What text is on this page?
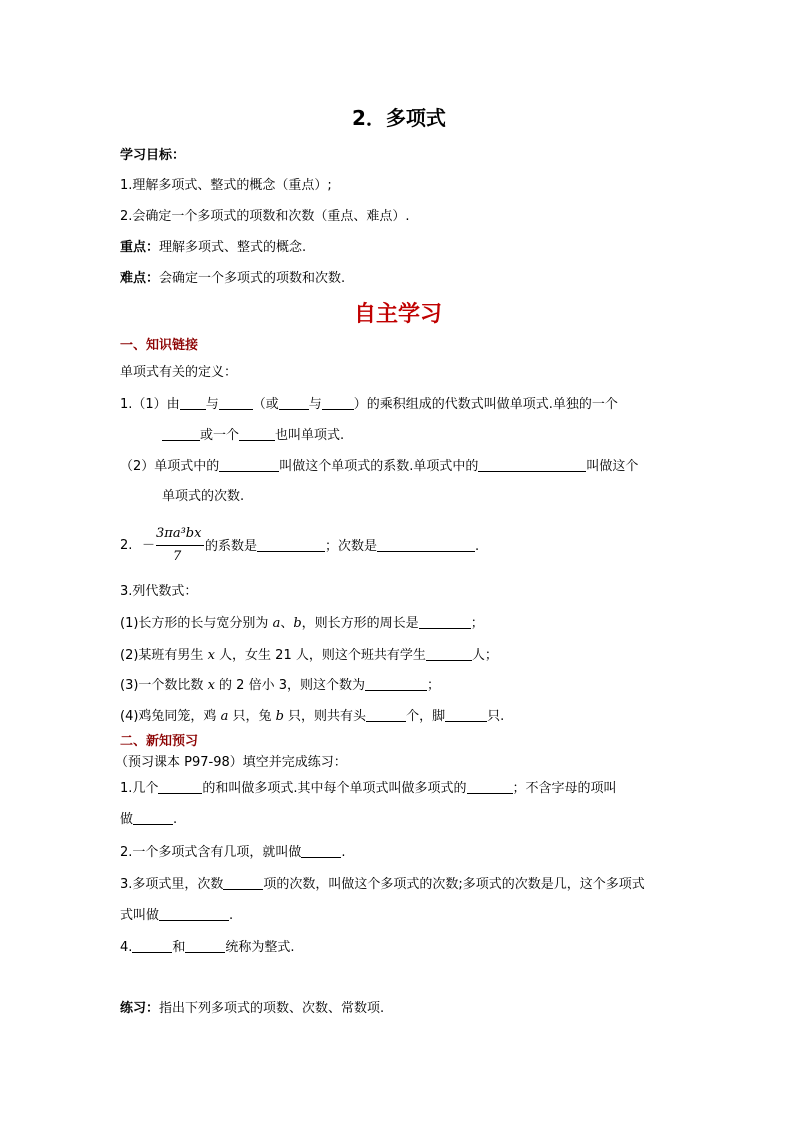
2．多项式
学习目标：
1.理解多项式、整式的概念（重点）;
2.会确定一个多项式的项数和次数（重点、难点）.
重点：理解多项式、整式的概念.
难点：会确定一个多项式的项数和次数.
自主学习
一、知识链接
单项式有关的定义：
1.（1）由 与	（或 与 ）的乘积组成的代数式叫做单项式.单独的一个
或一个	也叫单项式.
（2）单项式中的	叫做这个单项式的系数.单项式中的	叫做这个
单项式的次数.
2. －
3πa³bx
7
的系数是	；次数是	.
3.列代数式：
(1)长方形的长与宽分别为 a、b，则长方形的周长是	；
(2)某班有男生 x 人，女生 21 人，则这个班共有学生	人；
(3)一个数比数 x 的 2 倍小 3，则这个数为	；
(4)鸡兔同笼，鸡 a 只，兔 b 只，则共有头	个，脚	只.
二、新知预习
（预习课本 P97-98）填空并完成练习：
1.几个	的和叫做多项式.其中每个单项式叫做多项式的	；不含字母的项叫
做	.
2.一个多项式含有几项，就叫做	.
3.多项式里，次数	项的次数，叫做这个多项式的次数;多项式的次数是几，这个多项式
式叫做	.
4.	和	统称为整式.
练习：指出下列多项式的项数、次数、常数项.
